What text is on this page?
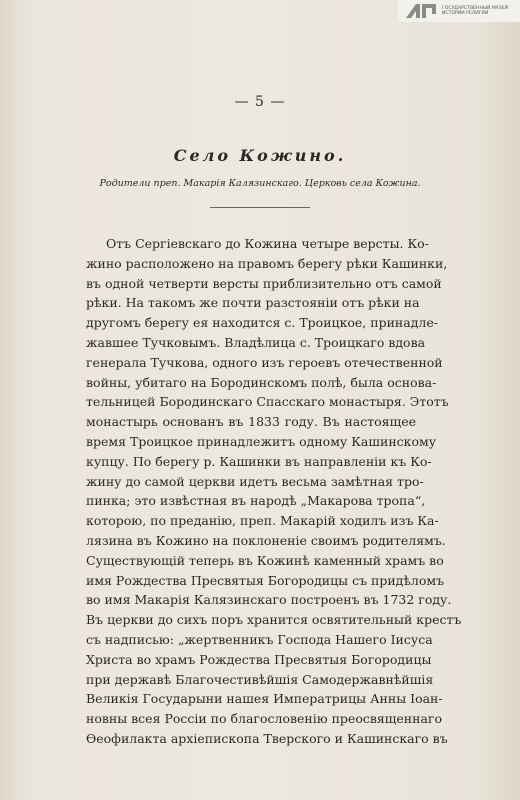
ГОСУДАРСТВЕННЫЙ МУЗЕЙ ИСТОРИИ РЕЛИГИИ
— 5 —
Село Кожино.
Родители преп. Макарія Калязинскаго. Церковь села Кожина.
Отъ Сергіевскаго до Кожина четыре версты. Ко-
жино расположено на правомъ берегу рѣки Кашинки,
въ одной четверти версты приблизительно отъ самой
рѣки. На такомъ же почти разстояніи отъ рѣки на
другомъ берегу ея находится с. Троицкое, принадле-
жавшее Тучковымъ. Владѣлица с. Троицкаго вдова
генерала Тучкова, одного изъ героевъ отечественной
войны, убитаго на Бородинскомъ полѣ, была основа-
тельницей Бородинскаго Спасскаго монастыря. Этотъ
монастырь основанъ въ 1833 году. Въ настоящее
время Троицкое принадлежитъ одному Кашинскому
купцу. По берегу р. Кашинки въ направленіи къ Ко-
жину до самой церкви идетъ весьма замѣтная тро-
пинка; это извѣстная въ народѣ „Макарова тропа“,
которою, по преданію, преп. Макарій ходилъ изъ Ка-
лязина въ Кожино на поклоненіе своимъ родителямъ.
Существующій теперь въ Кожинѣ каменный храмъ во
имя Рождества Пресвятыя Богородицы съ придѣломъ
во имя Макарія Калязинскаго построенъ въ 1732 году.
Въ церкви до сихъ поръ хранится освятительный крестъ
съ надписью: „жертвенникъ Господа Нашего Іисуса
Христа во храмъ Рождества Пресвятыя Богородицы
при державѣ Благочестивѣйшія Самодержавнѣйшія
Великія Государыни нашея Императрицы Анны Іоан-
новны всея Россіи по благословенію преосвященнаго
Ѳеофилакта архіепископа Тверского и Кашинскаго въ
